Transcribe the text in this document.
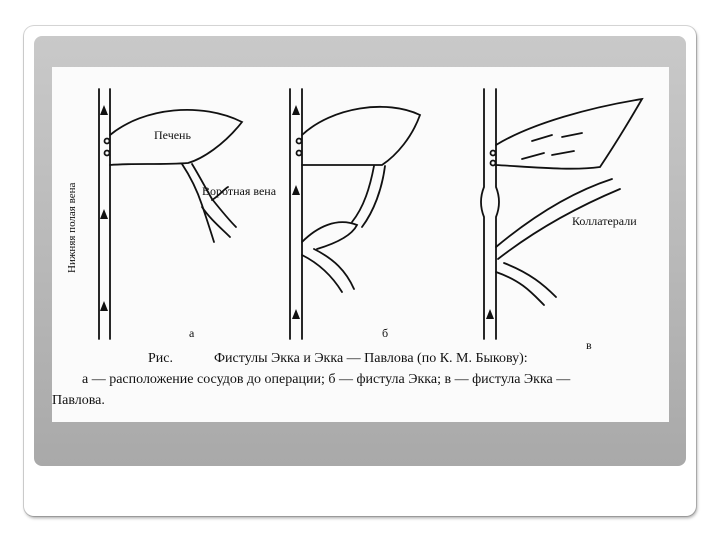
Нижняя полая вена
Печень
Воротная вена
Коллатерали
а	б
в
Рис.	Фистулы Экка и Экка — Павлова (по К. М. Быкову):
а — расположение сосудов до операции; б — фистула Экка; в — фистула Экка —
Павлова.
